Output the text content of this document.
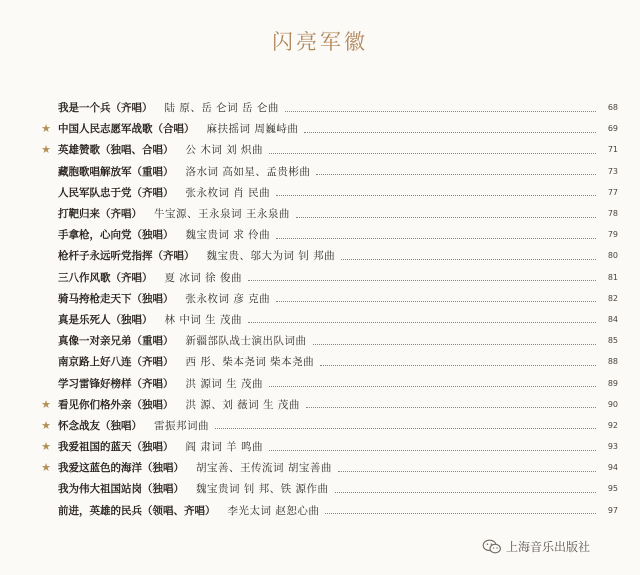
闪亮军徽
我是一个兵（齐唱） 陆 原、岳 仑词 岳 仑曲	68
★ 中国人民志愿军战歌（合唱） 麻扶摇词 周巍峙曲	69
★ 英雄赞歌（独唱、合唱） 公 木词 刘 炽曲	71
藏胞歌唱解放军（重唱） 洛水词 高如星、孟贵彬曲	73
人民军队忠于党（齐唱） 张永枚词 肖 民曲	77
打靶归来（齐唱） 牛宝源、王永泉词 王永泉曲	78
手拿枪，心向党（独唱） 魏宝贵词 求 伶曲	79
枪杆子永远听党指挥（齐唱） 魏宝贵、邬大为词 钊 邦曲	80
三八作风歌（齐唱） 夏 冰词 徐 俊曲	81
骑马挎枪走天下（独唱） 张永枚词 彦 克曲	82
真是乐死人（独唱） 林 中词 生 茂曲	84
真像一对亲兄弟（重唱） 新疆部队战士演出队词曲	85
南京路上好八连（齐唱） 西 彤、柴本尧词 柴本尧曲	88
学习雷锋好榜样（齐唱） 洪 源词 生 茂曲	89
★ 看见你们格外亲（独唱） 洪 源、刘 薇词 生 茂曲	90
★ 怀念战友（独唱） 雷振邦词曲	92
★ 我爱祖国的蓝天（独唱） 阎 肃词 羊 鸣曲	93
★ 我爱这蓝色的海洋（独唱） 胡宝善、王传流词 胡宝善曲	94
我为伟大祖国站岗（独唱） 魏宝贵词 钊 邦、铁 源作曲	95
前进，英雄的民兵（领唱、齐唱） 李光太词 赵恕心曲	97
上海音乐出版社
